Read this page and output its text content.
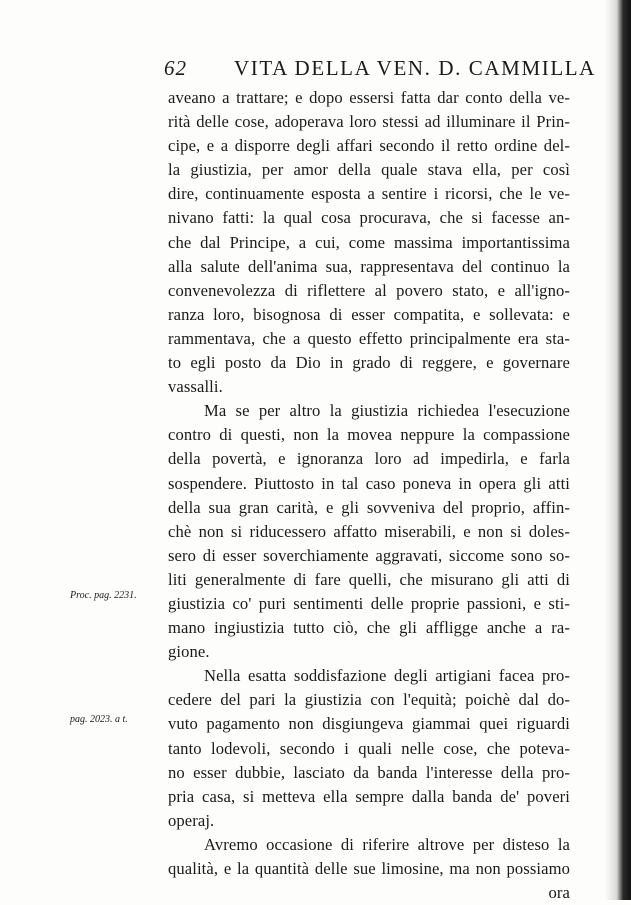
62 VITA DELLA VEN. D. CAMMILLA
Proc. pag. 2231.
pag. 2023. a t.
aveano a trattare; e dopo essersi fatta dar conto della ve-
rità delle cose, adoperava loro stessi ad illuminare il Prin-
cipe, e a disporre degli affari secondo il retto ordine del-
la giustizia, per amor della quale stava ella, per così
dire, continuamente esposta a sentire i ricorsi, che le ve-
nivano fatti: la qual cosa procurava, che si facesse an-
che dal Principe, a cui, come massima importantissima
alla salute dell'anima sua, rappresentava del continuo la
convenevolezza di riflettere al povero stato, e all'igno-
ranza loro, bisognosa di esser compatita, e sollevata: e
rammentava, che a questo effetto principalmente era sta-
to egli posto da Dio in grado di reggere, e governare
vassalli.
Ma se per altro la giustizia richiedea l'esecuzione
contro di questi, non la movea neppure la compassione
della povertà, e ignoranza loro ad impedirla, e farla
sospendere. Piuttosto in tal caso poneva in opera gli atti
della sua gran carità, e gli sovveniva del proprio, affin-
chè non si riducessero affatto miserabili, e non si doles-
sero di esser soverchiamente aggravati, siccome sono so-
liti generalmente di fare quelli, che misurano gli atti di
giustizia co' puri sentimenti delle proprie passioni, e sti-
mano ingiustizia tutto ciò, che gli affligge anche a ra-
gione.
Nella esatta soddisfazione degli artigiani facea pro-
cedere del pari la giustizia con l'equità; poichè dal do-
vuto pagamento non disgiungeva giammai quei riguardi
tanto lodevoli, secondo i quali nelle cose, che poteva-
no esser dubbie, lasciato da banda l'interesse della pro-
pria casa, si metteva ella sempre dalla banda de' poveri
operaj.
Avremo occasione di riferire altrove per disteso la
qualità, e la quantità delle sue limosine, ma non possiamo
ora
